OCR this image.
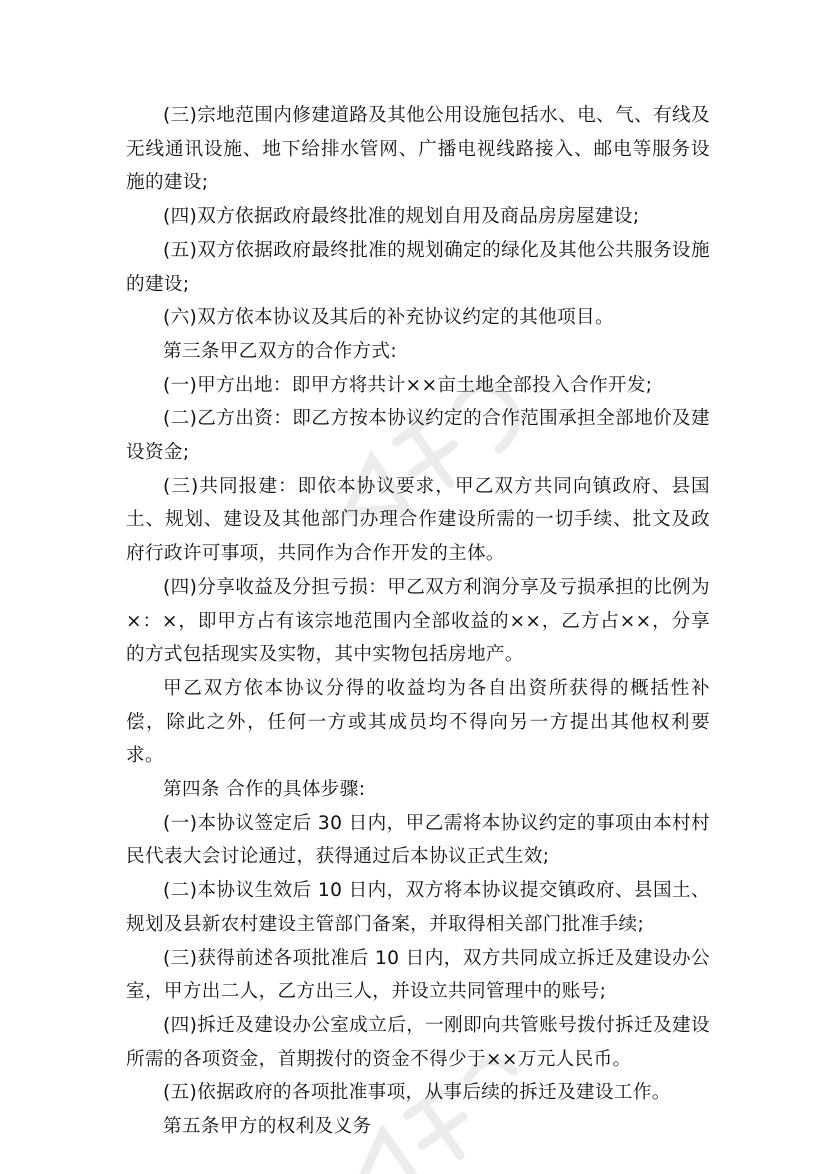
(三)宗地范围内修建道路及其他公用设施包括水、电、气、有线及无线通讯设施、地下给排水管网、广播电视线路接入、邮电等服务设施的建设;

(四)双方依据政府最终批准的规划自用及商品房房屋建设;

(五)双方依据政府最终批准的规划确定的绿化及其他公共服务设施的建设;

(六)双方依本协议及其后的补充协议约定的其他项目。

第三条甲乙双方的合作方式:

(一)甲方出地：即甲方将共计××亩土地全部投入合作开发;

(二)乙方出资：即乙方按本协议约定的合作范围承担全部地价及建设资金;

(三)共同报建：即依本协议要求，甲乙双方共同向镇政府、县国土、规划、建设及其他部门办理合作建设所需的一切手续、批文及政府行政许可事项，共同作为合作开发的主体。

(四)分享收益及分担亏损：甲乙双方利润分享及亏损承担的比例为×：×，即甲方占有该宗地范围内全部收益的××，乙方占××，分享的方式包括现实及实物，其中实物包括房地产。

甲乙双方依本协议分得的收益均为各自出资所获得的概括性补偿，除此之外，任何一方或其成员均不得向另一方提出其他权利要求。

第四条 合作的具体步骤:

(一)本协议签定后 30 日内，甲乙需将本协议约定的事项由本村村民代表大会讨论通过，获得通过后本协议正式生效;

(二)本协议生效后 10 日内，双方将本协议提交镇政府、县国土、规划及县新农村建设主管部门备案，并取得相关部门批准手续;

(三)获得前述各项批准后 10 日内，双方共同成立拆迁及建设办公室，甲方出二人，乙方出三人，并设立共同管理中的账号;

(四)拆迁及建设办公室成立后，一刚即向共管账号拨付拆迁及建设所需的各项资金，首期拨付的资金不得少于××万元人民币。

(五)依据政府的各项批准事项，从事后续的拆迁及建设工作。

第五条甲方的权利及义务
